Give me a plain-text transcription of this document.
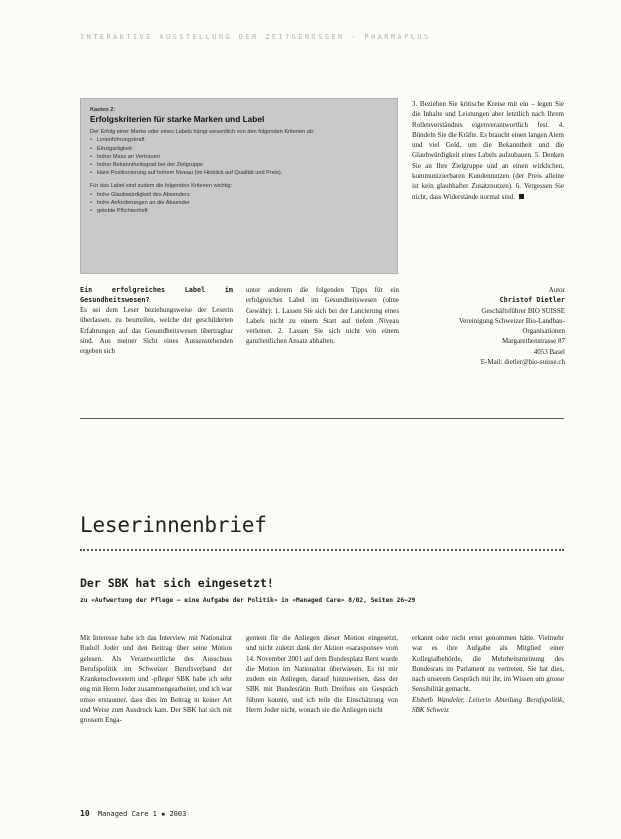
INTERAKTIVE AUSSTELLUNG DER ZEITGENOSSEN - PHARMAPLUS
Kasten 2:
Erfolgskriterien für starke Marken und Label

Der Erfolg einer Marke oder eines Labels hängt wesentlich von den folgenden Kriterien ab:

• Linienführungskraft
• Einzigartigkeit
• hoher Mass an Vertrauen
• hoher Bekanntheitsgrad bei der Zielgruppe
• klare Positionierung auf hohem Niveau (im Hinblick auf Qualität und Preis).

Für das Label sind zudem die folgenden Kriterien wichtig:

• hohe Glaubwürdigkeit des Absenders
• hohe Anforderungen an die Absender
• gelebte Pflichtenheft

3. Beziehen Sie kritische Kreise mit ein – legen Sie die Inhalte und Leistungen aber letztlich nach Ihrem Rollenverständnis eigenverantwortlich fest. 4. Bündeln Sie die Kräfte. Es braucht einen langen Atem und viel Geld, um die Bekanntheit und die Glaubwürdigkeit eines Labels aufzubauen. 5. Denken Sie an Ihre Zielgruppe und an einen wirklichen, kommunizierbaren Kundennutzen (der Preis alleine ist kein glaubhafter Zusatznutzen). 6. Vergessen Sie nicht, dass Widerstände normal sind.

Ein erfolgreiches Label im Gesundheitswesen?

Es sei dem Leser beziehungsweise der Leserin überlassen, zu beurteilen, welche der geschilderten Erfahrungen auf das Gesundheitswesen übertragbar sind. Aus meiner Sicht eines Aussenstehenden ergeben sich

unter anderem die folgenden Tipps für ein erfolgreiches Label im Gesundheitswesen (ohne Gewähr): 1. Lassen Sie sich bei der Lancierung eines Labels nicht zu einem Start auf tiefem Niveau verleiten. 2. Lassen Sie sich nicht von einem ganzheitlichen Ansatz abhalten.

Autor
Christof Dietler
Geschäftsführer BIO SUISSE
Vereinigung Schweizer Bio-Landbau-
Organisationen
Margarethenstrasse 87
4053 Basel
E-Mail: dietler@bio-suisse.ch
Leserinnenbrief
Der SBK hat sich eingesetzt!
zu «Aufwertung der Pflege – eine Aufgabe der Politik» in «Managed Care» 8/02, Seiten 26–29

Mit Interesse habe ich das Interview mit Nationalrat Rudolf Joder und den Beitrag über seine Motion gelesen. Als Verantwortliche des Ausschuss Berufspolitik im Schweizer Berufsverband der Krankenschwestern und -pfleger SBK habe ich sehr eng mit Herrn Joder zusammengearbeitet, und ich war umso erstaunter, dass dies im Beitrag in keiner Art und Weise zum Ausdruck kam. Der SBK hat sich mit grossem Enga-

gement für die Anliegen dieser Motion eingesetzt, und nicht zuletzt dank der Aktion «sarasponse» vom 14. November 2001 auf dem Bundesplatz Bern wurde die Motion im Nationalrat überwiesen. Es ist mir zudem ein Anliegen, darauf hinzuweisen, dass der SBK mit Bundesrätin Ruth Dreifuss ein Gespräch führen konnte, und ich teile die Einschätzung von Herrn Joder nicht, wonach sie die Anliegen nicht

erkannt oder nicht ernst genommen hätte. Vielmehr war es ihre Aufgabe als Mitglied einer Kollegialbehörde, die Mehrheitsmeinung des Bundesrats im Parlament zu vertreten. Sie hat dies, nach unserem Gespräch mit ihr, im Wissen um grosse Sensibilität gemacht.

Elsbeth Wandeler, Leiterin Abteilung Berufspolitik, SBK Schweiz

10 Managed Care 1 ▪ 2003
